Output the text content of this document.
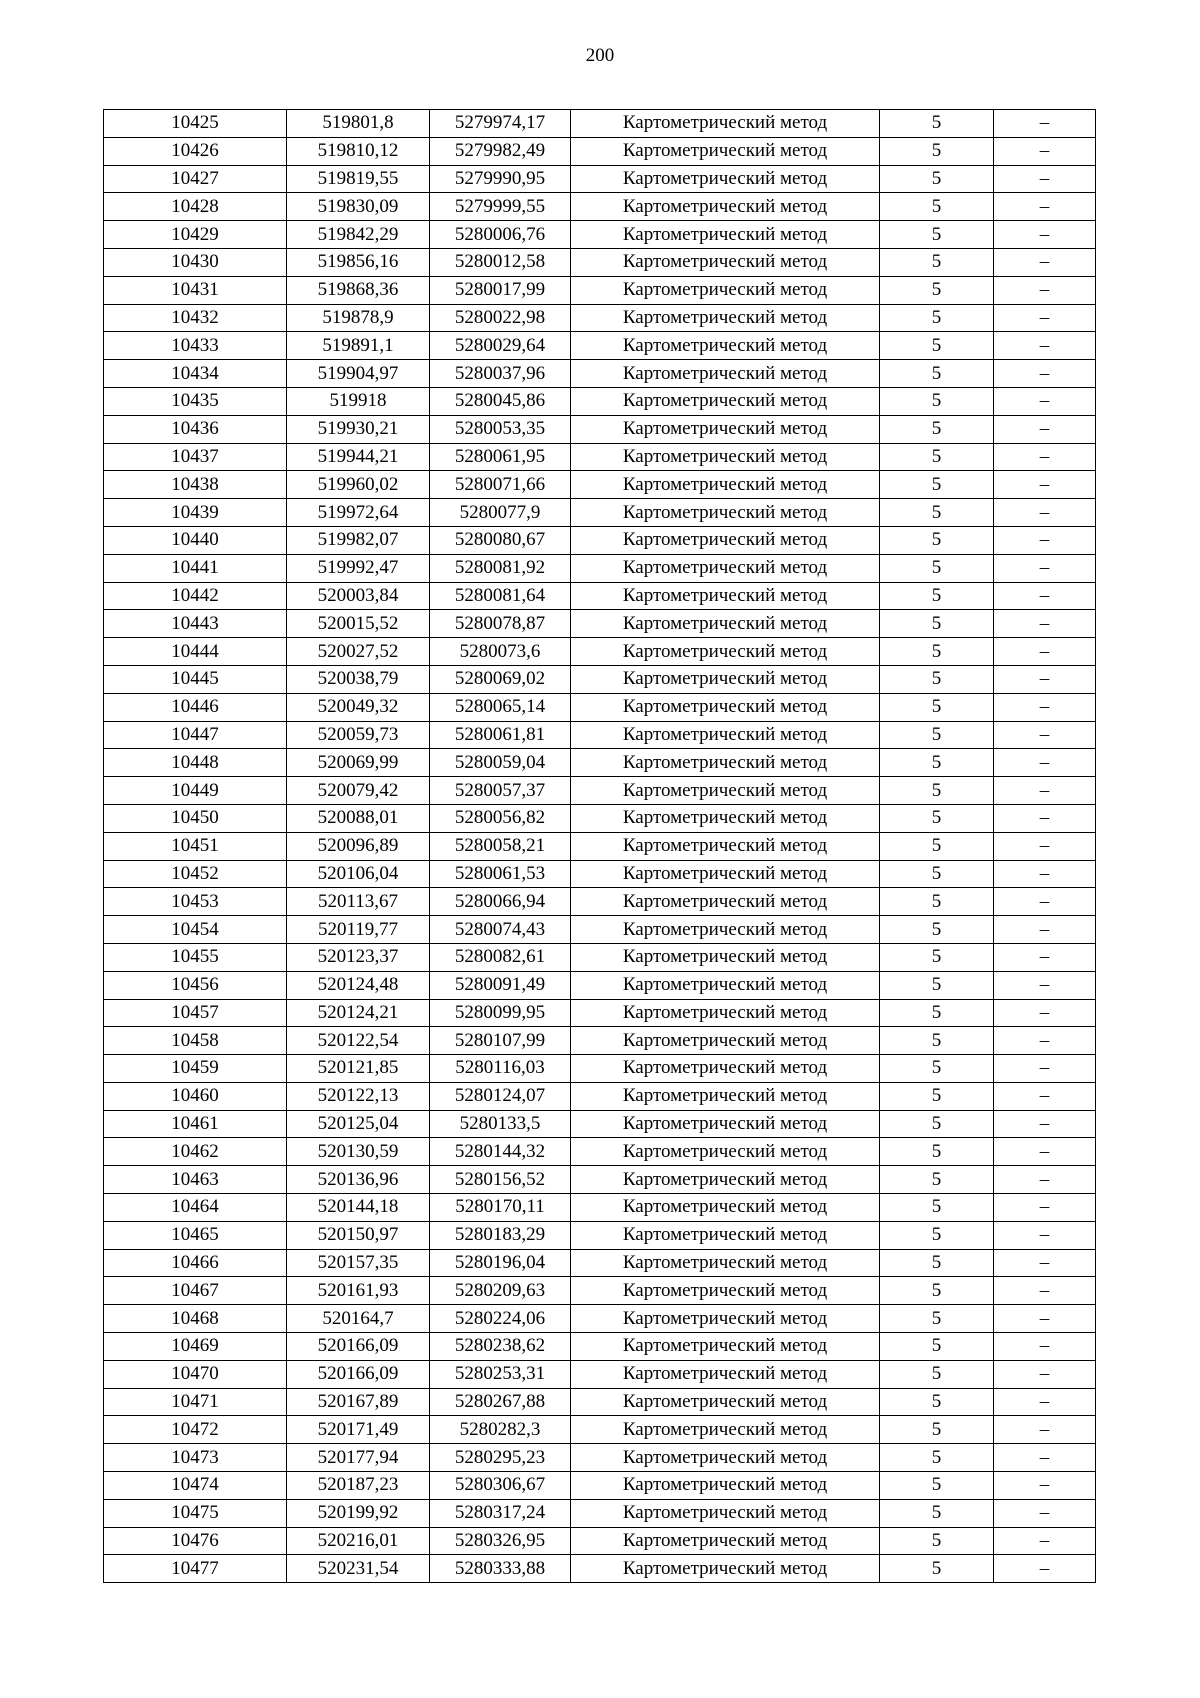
200
10425	519801,8	5279974,17	Картометрический метод	5	–
10426	519810,12	5279982,49	Картометрический метод	5	–
10427	519819,55	5279990,95	Картометрический метод	5	–
10428	519830,09	5279999,55	Картометрический метод	5	–
10429	519842,29	5280006,76	Картометрический метод	5	–
10430	519856,16	5280012,58	Картометрический метод	5	–
10431	519868,36	5280017,99	Картометрический метод	5	–
10432	519878,9	5280022,98	Картометрический метод	5	–
10433	519891,1	5280029,64	Картометрический метод	5	–
10434	519904,97	5280037,96	Картометрический метод	5	–
10435	519918	5280045,86	Картометрический метод	5	–
10436	519930,21	5280053,35	Картометрический метод	5	–
10437	519944,21	5280061,95	Картометрический метод	5	–
10438	519960,02	5280071,66	Картометрический метод	5	–
10439	519972,64	5280077,9	Картометрический метод	5	–
10440	519982,07	5280080,67	Картометрический метод	5	–
10441	519992,47	5280081,92	Картометрический метод	5	–
10442	520003,84	5280081,64	Картометрический метод	5	–
10443	520015,52	5280078,87	Картометрический метод	5	–
10444	520027,52	5280073,6	Картометрический метод	5	–
10445	520038,79	5280069,02	Картометрический метод	5	–
10446	520049,32	5280065,14	Картометрический метод	5	–
10447	520059,73	5280061,81	Картометрический метод	5	–
10448	520069,99	5280059,04	Картометрический метод	5	–
10449	520079,42	5280057,37	Картометрический метод	5	–
10450	520088,01	5280056,82	Картометрический метод	5	–
10451	520096,89	5280058,21	Картометрический метод	5	–
10452	520106,04	5280061,53	Картометрический метод	5	–
10453	520113,67	5280066,94	Картометрический метод	5	–
10454	520119,77	5280074,43	Картометрический метод	5	–
10455	520123,37	5280082,61	Картометрический метод	5	–
10456	520124,48	5280091,49	Картометрический метод	5	–
10457	520124,21	5280099,95	Картометрический метод	5	–
10458	520122,54	5280107,99	Картометрический метод	5	–
10459	520121,85	5280116,03	Картометрический метод	5	–
10460	520122,13	5280124,07	Картометрический метод	5	–
10461	520125,04	5280133,5	Картометрический метод	5	–
10462	520130,59	5280144,32	Картометрический метод	5	–
10463	520136,96	5280156,52	Картометрический метод	5	–
10464	520144,18	5280170,11	Картометрический метод	5	–
10465	520150,97	5280183,29	Картометрический метод	5	–
10466	520157,35	5280196,04	Картометрический метод	5	–
10467	520161,93	5280209,63	Картометрический метод	5	–
10468	520164,7	5280224,06	Картометрический метод	5	–
10469	520166,09	5280238,62	Картометрический метод	5	–
10470	520166,09	5280253,31	Картометрический метод	5	–
10471	520167,89	5280267,88	Картометрический метод	5	–
10472	520171,49	5280282,3	Картометрический метод	5	–
10473	520177,94	5280295,23	Картометрический метод	5	–
10474	520187,23	5280306,67	Картометрический метод	5	–
10475	520199,92	5280317,24	Картометрический метод	5	–
10476	520216,01	5280326,95	Картометрический метод	5	–
10477	520231,54	5280333,88	Картометрический метод	5	–
